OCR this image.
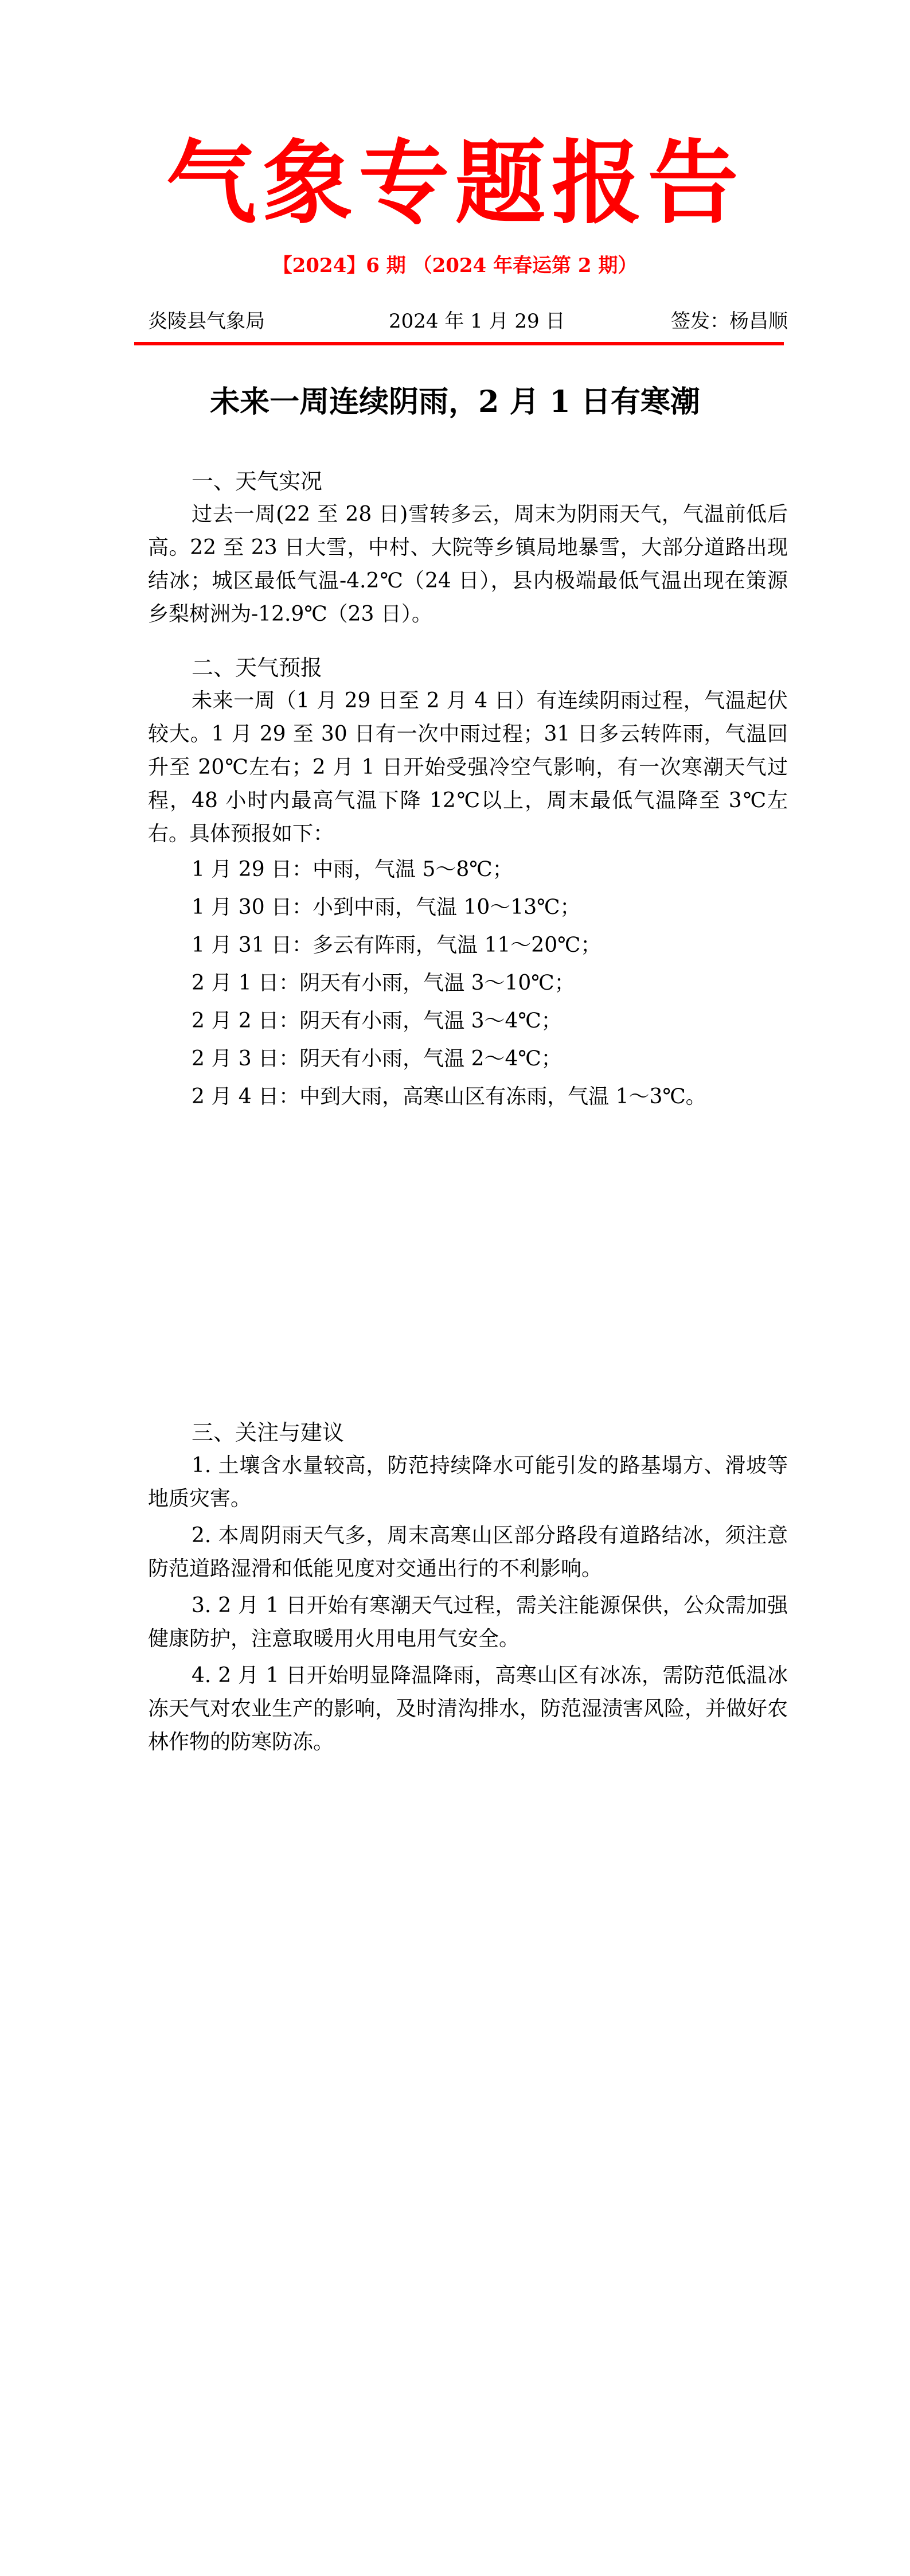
气象专题报告
【2024】6 期 （2024 年春运第 2 期）
炎陵县气象局	2024 年 1 月 29 日	签发：杨昌顺
未来一周连续阴雨，2 月 1 日有寒潮

一、天气实况

过去一周(22 至 28 日)雪转多云，周末为阴雨天气，气温前低后高。22 至 23 日大雪，中村、大院等乡镇局地暴雪，大部分道路出现结冰；城区最低气温-4.2℃（24 日），县内极端最低气温出现在策源乡梨树洲为-12.9℃（23 日）。

二、天气预报

未来一周（1 月 29 日至 2 月 4 日）有连续阴雨过程，气温起伏较大。1 月 29 至 30 日有一次中雨过程；31 日多云转阵雨，气温回升至 20℃左右；2 月 1 日开始受强冷空气影响，有一次寒潮天气过程，48 小时内最高气温下降 12℃以上，周末最低气温降至 3℃左右。具体预报如下：

1 月 29 日：中雨，气温 5～8℃；

1 月 30 日：小到中雨，气温 10～13℃；

1 月 31 日：多云有阵雨，气温 11～20℃；

2 月 1 日：阴天有小雨，气温 3～10℃；

2 月 2 日：阴天有小雨，气温 3～4℃；

2 月 3 日：阴天有小雨，气温 2～4℃；

2 月 4 日：中到大雨，高寒山区有冻雨，气温 1～3℃。

三、关注与建议

1. 土壤含水量较高，防范持续降水可能引发的路基塌方、滑坡等地质灾害。

2. 本周阴雨天气多，周末高寒山区部分路段有道路结冰，须注意防范道路湿滑和低能见度对交通出行的不利影响。

3. 2 月 1 日开始有寒潮天气过程，需关注能源保供，公众需加强健康防护，注意取暖用火用电用气安全。

4. 2 月 1 日开始明显降温降雨，高寒山区有冰冻，需防范低温冰冻天气对农业生产的影响，及时清沟排水，防范湿渍害风险，并做好农林作物的防寒防冻。
